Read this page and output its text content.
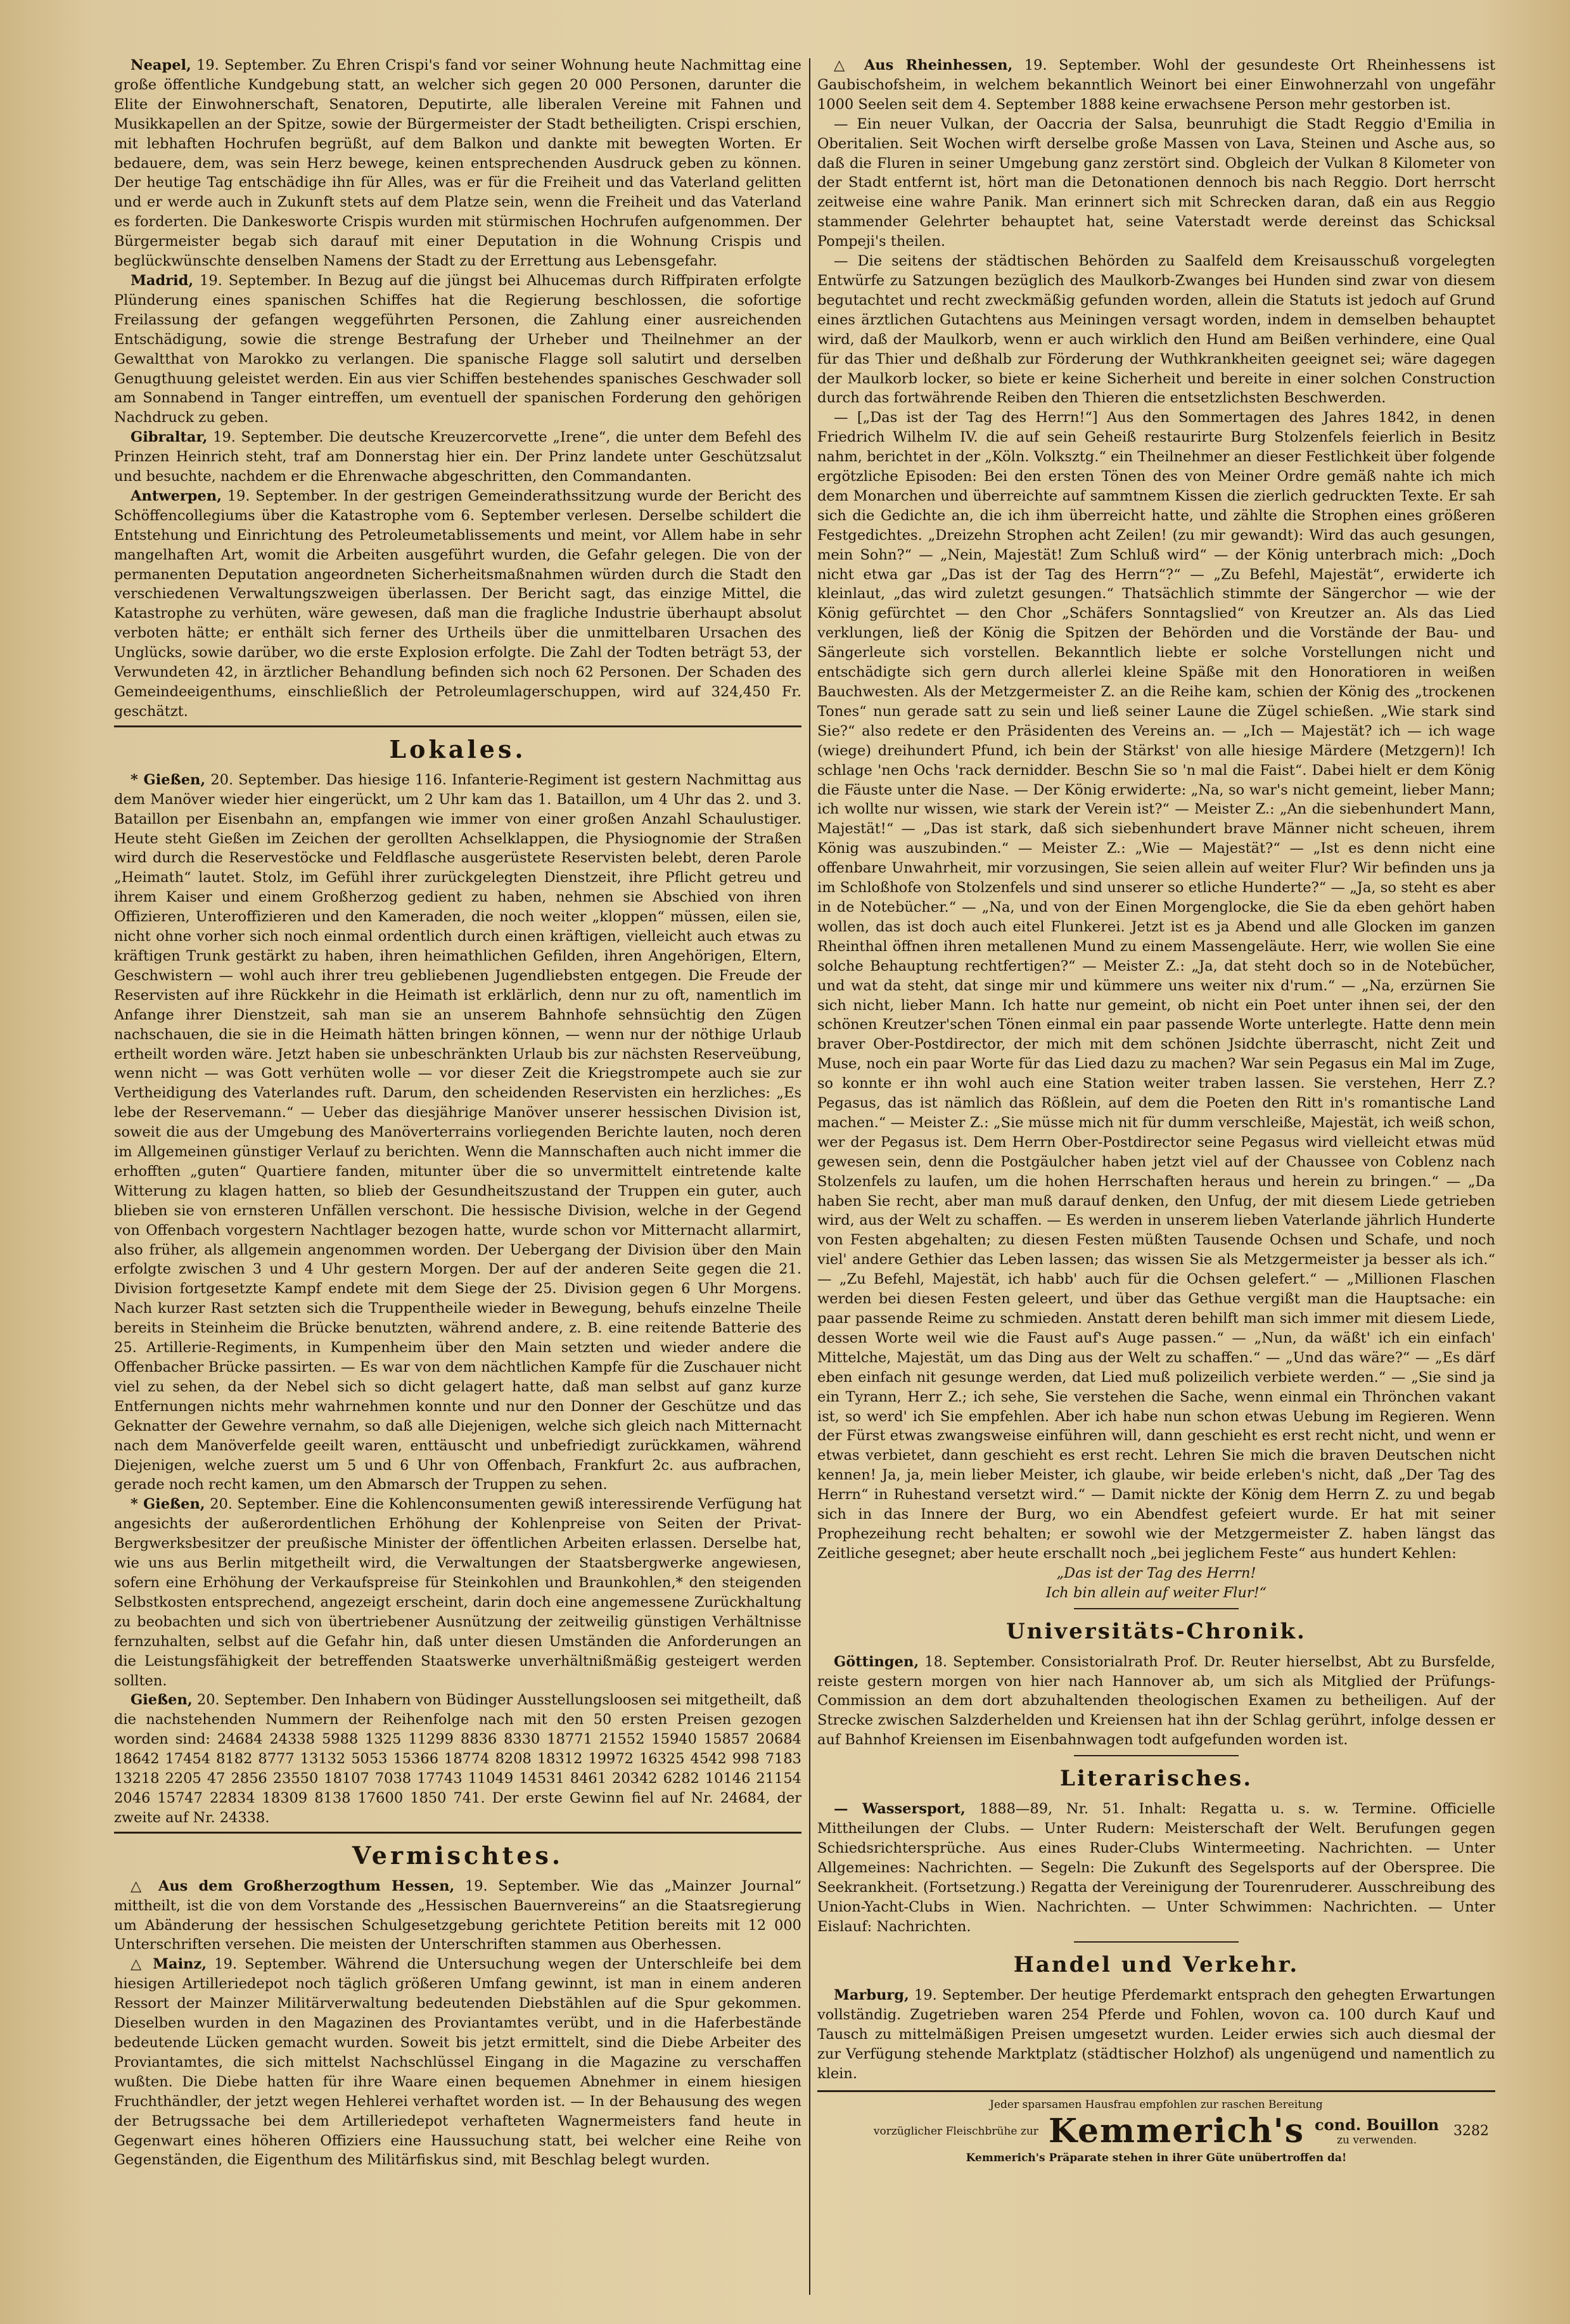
Neapel, 19. September. Zu Ehren Crispi's fand vor seiner Wohnung heute Nachmittag eine große öffentliche Kundgebung statt, an welcher sich gegen 20 000 Personen, darunter die Elite der Einwohnerschaft, Senatoren, Deputirte, alle liberalen Vereine mit Fahnen und Musikkapellen an der Spitze, sowie der Bürgermeister der Stadt betheiligten. Crispi erschien, mit lebhaften Hochrufen begrüßt, auf dem Balkon und dankte mit bewegten Worten. Er bedauere, dem, was sein Herz bewege, keinen entsprechenden Ausdruck geben zu können. Der heutige Tag entschädige ihn für Alles, was er für die Freiheit und das Vaterland gelitten und er werde auch in Zukunft stets auf dem Platze sein, wenn die Freiheit und das Vaterland es forderten. Die Dankesworte Crispis wurden mit stürmischen Hochrufen aufgenommen. Der Bürgermeister begab sich darauf mit einer Deputation in die Wohnung Crispis und beglückwünschte denselben Namens der Stadt zu der Errettung aus Lebensgefahr.

Madrid, 19. September. In Bezug auf die jüngst bei Alhucemas durch Riffpiraten erfolgte Plünderung eines spanischen Schiffes hat die Regierung beschlossen, die sofortige Freilassung der gefangen weggeführten Personen, die Zahlung einer ausreichenden Entschädigung, sowie die strenge Bestrafung der Urheber und Theilnehmer an der Gewaltthat von Marokko zu verlangen. Die spanische Flagge soll salutirt und derselben Genugthuung geleistet werden. Ein aus vier Schiffen bestehendes spanisches Geschwader soll am Sonnabend in Tanger eintreffen, um eventuell der spanischen Forderung den gehörigen Nachdruck zu geben.

Gibraltar, 19. September. Die deutsche Kreuzercorvette „Irene“, die unter dem Befehl des Prinzen Heinrich steht, traf am Donnerstag hier ein. Der Prinz landete unter Geschützsalut und besuchte, nachdem er die Ehrenwache abgeschritten, den Commandanten.

Antwerpen, 19. September. In der gestrigen Gemeinderathssitzung wurde der Bericht des Schöffencollegiums über die Katastrophe vom 6. September verlesen. Derselbe schildert die Entstehung und Einrichtung des Petroleumetablissements und meint, vor Allem habe in sehr mangelhaften Art, womit die Arbeiten ausgeführt wurden, die Gefahr gelegen. Die von der permanenten Deputation angeordneten Sicherheitsmaßnahmen würden durch die Stadt den verschiedenen Verwaltungszweigen überlassen. Der Bericht sagt, das einzige Mittel, die Katastrophe zu verhüten, wäre gewesen, daß man die fragliche Industrie überhaupt absolut verboten hätte; er enthält sich ferner des Urtheils über die unmittelbaren Ursachen des Unglücks, sowie darüber, wo die erste Explosion erfolgte. Die Zahl der Todten beträgt 53, der Verwundeten 42, in ärztlicher Behandlung befinden sich noch 62 Personen. Der Schaden des Gemeindeeigenthums, einschließlich der Petroleumlagerschuppen, wird auf 324,450 Fr. geschätzt.

Lokales.

* Gießen, 20. September. Das hiesige 116. Infanterie-Regiment ist gestern Nachmittag aus dem Manöver wieder hier eingerückt, um 2 Uhr kam das 1. Bataillon, um 4 Uhr das 2. und 3. Bataillon per Eisenbahn an, empfangen wie immer von einer großen Anzahl Schaulustiger. Heute steht Gießen im Zeichen der gerollten Achselklappen, die Physiognomie der Straßen wird durch die Reservestöcke und Feldflasche ausgerüstete Reservisten belebt, deren Parole „Heimath“ lautet. Stolz, im Gefühl ihrer zurückgelegten Dienstzeit, ihre Pflicht getreu und ihrem Kaiser und einem Großherzog gedient zu haben, nehmen sie Abschied von ihren Offizieren, Unteroffizieren und den Kameraden, die noch weiter „kloppen“ müssen, eilen sie, nicht ohne vorher sich noch einmal ordentlich durch einen kräftigen, vielleicht auch etwas zu kräftigen Trunk gestärkt zu haben, ihren heimathlichen Gefilden, ihren Angehörigen, Eltern, Geschwistern — wohl auch ihrer treu gebliebenen Jugendliebsten entgegen. Die Freude der Reservisten auf ihre Rückkehr in die Heimath ist erklärlich, denn nur zu oft, namentlich im Anfange ihrer Dienstzeit, sah man sie an unserem Bahnhofe sehnsüchtig den Zügen nachschauen, die sie in die Heimath hätten bringen können, — wenn nur der nöthige Urlaub ertheilt worden wäre. Jetzt haben sie unbeschränkten Urlaub bis zur nächsten Reserveübung, wenn nicht — was Gott verhüten wolle — vor dieser Zeit die Kriegstrompete auch sie zur Vertheidigung des Vaterlandes ruft. Darum, den scheidenden Reservisten ein herzliches: „Es lebe der Reservemann.“ — Ueber das diesjährige Manöver unserer hessischen Division ist, soweit die aus der Umgebung des Manöverterrains vorliegenden Berichte lauten, noch deren im Allgemeinen günstiger Verlauf zu berichten. Wenn die Mannschaften auch nicht immer die erhofften „guten“ Quartiere fanden, mitunter über die so unvermittelt eintretende kalte Witterung zu klagen hatten, so blieb der Gesundheitszustand der Truppen ein guter, auch blieben sie von ernsteren Unfällen verschont. Die hessische Division, welche in der Gegend von Offenbach vorgestern Nachtlager bezogen hatte, wurde schon vor Mitternacht allarmirt, also früher, als allgemein angenommen worden. Der Uebergang der Division über den Main erfolgte zwischen 3 und 4 Uhr gestern Morgen. Der auf der anderen Seite gegen die 21. Division fortgesetzte Kampf endete mit dem Siege der 25. Division gegen 6 Uhr Morgens. Nach kurzer Rast setzten sich die Truppentheile wieder in Bewegung, behufs einzelne Theile bereits in Steinheim die Brücke benutzten, während andere, z. B. eine reitende Batterie des 25. Artillerie-Regiments, in Kumpenheim über den Main setzten und wieder andere die Offenbacher Brücke passirten. — Es war von dem nächtlichen Kampfe für die Zuschauer nicht viel zu sehen, da der Nebel sich so dicht gelagert hatte, daß man selbst auf ganz kurze Entfernungen nichts mehr wahrnehmen konnte und nur den Donner der Geschütze und das Geknatter der Gewehre vernahm, so daß alle Diejenigen, welche sich gleich nach Mitternacht nach dem Manöverfelde geeilt waren, enttäuscht und unbefriedigt zurückkamen, während Diejenigen, welche zuerst um 5 und 6 Uhr von Offenbach, Frankfurt 2c. aus aufbrachen, gerade noch recht kamen, um den Abmarsch der Truppen zu sehen.

* Gießen, 20. September. Eine die Kohlenconsumenten gewiß interessirende Verfügung hat angesichts der außerordentlichen Erhöhung der Kohlenpreise von Seiten der Privat-Bergwerksbesitzer der preußische Minister der öffentlichen Arbeiten erlassen. Derselbe hat, wie uns aus Berlin mitgetheilt wird, die Verwaltungen der Staatsbergwerke angewiesen, sofern eine Erhöhung der Verkaufspreise für Steinkohlen und Braunkohlen,* den steigenden Selbstkosten entsprechend, angezeigt erscheint, darin doch eine angemessene Zurückhaltung zu beobachten und sich von übertriebener Ausnützung der zeitweilig günstigen Verhältnisse fernzuhalten, selbst auf die Gefahr hin, daß unter diesen Umständen die Anforderungen an die Leistungsfähigkeit der betreffenden Staatswerke unverhältnißmäßig gesteigert werden sollten.

Gießen, 20. September. Den Inhabern von Büdinger Ausstellungsloosen sei mitgetheilt, daß die nachstehenden Nummern der Reihenfolge nach mit den 50 ersten Preisen gezogen worden sind: 24684 24338 5988 1325 11299 8836 8330 18771 21552 15940 15857 20684 18642 17454 8182 8777 13132 5053 15366 18774 8208 18312 19972 16325 4542 998 7183 13218 2205 47 2856 23550 18107 7038 17743 11049 14531 8461 20342 6282 10146 21154 2046 15747 22834 18309 8138 17600 1850 741. Der erste Gewinn fiel auf Nr. 24684, der zweite auf Nr. 24338.

Vermischtes.

△ Aus dem Großherzogthum Hessen, 19. September. Wie das „Mainzer Journal“ mittheilt, ist die von dem Vorstande des „Hessischen Bauernvereins“ an die Staatsregierung um Abänderung der hessischen Schulgesetzgebung gerichtete Petition bereits mit 12 000 Unterschriften versehen. Die meisten der Unterschriften stammen aus Oberhessen.

△ Mainz, 19. September. Während die Untersuchung wegen der Unterschleife bei dem hiesigen Artilleriedepot noch täglich größeren Umfang gewinnt, ist man in einem anderen Ressort der Mainzer Militärverwaltung bedeutenden Diebstählen auf die Spur gekommen. Dieselben wurden in den Magazinen des Proviantamtes verübt, und in die Haferbestände bedeutende Lücken gemacht wurden. Soweit bis jetzt ermittelt, sind die Diebe Arbeiter des Proviantamtes, die sich mittelst Nachschlüssel Eingang in die Magazine zu verschaffen wußten. Die Diebe hatten für ihre Waare einen bequemen Abnehmer in einem hiesigen Fruchthändler, der jetzt wegen Hehlerei verhaftet worden ist. — In der Behausung des wegen der Betrugssache bei dem Artilleriedepot verhafteten Wagnermeisters fand heute in Gegenwart eines höheren Offiziers eine Haussuchung statt, bei welcher eine Reihe von Gegenständen, die Eigenthum des Militärfiskus sind, mit Beschlag belegt wurden.

△ Aus Rheinhessen, 19. September. Wohl der gesundeste Ort Rheinhessens ist Gaubischofsheim, in welchem bekanntlich Weinort bei einer Einwohnerzahl von ungefähr 1000 Seelen seit dem 4. September 1888 keine erwachsene Person mehr gestorben ist.

— Ein neuer Vulkan, der Oaccria der Salsa, beunruhigt die Stadt Reggio d'Emilia in Oberitalien. Seit Wochen wirft derselbe große Massen von Lava, Steinen und Asche aus, so daß die Fluren in seiner Umgebung ganz zerstört sind. Obgleich der Vulkan 8 Kilometer von der Stadt entfernt ist, hört man die Detonationen dennoch bis nach Reggio. Dort herrscht zeitweise eine wahre Panik. Man erinnert sich mit Schrecken daran, daß ein aus Reggio stammender Gelehrter behauptet hat, seine Vaterstadt werde dereinst das Schicksal Pompeji's theilen.

— Die seitens der städtischen Behörden zu Saalfeld dem Kreisausschuß vorgelegten Entwürfe zu Satzungen bezüglich des Maulkorb-Zwanges bei Hunden sind zwar von diesem begutachtet und recht zweckmäßig gefunden worden, allein die Statuts ist jedoch auf Grund eines ärztlichen Gutachtens aus Meiningen versagt worden, indem in demselben behauptet wird, daß der Maulkorb, wenn er auch wirklich den Hund am Beißen verhindere, eine Qual für das Thier und deßhalb zur Förderung der Wuthkrankheiten geeignet sei; wäre dagegen der Maulkorb locker, so biete er keine Sicherheit und bereite in einer solchen Construction durch das fortwährende Reiben den Thieren die entsetzlichsten Beschwerden.

— [„Das ist der Tag des Herrn!“] Aus den Sommertagen des Jahres 1842, in denen Friedrich Wilhelm IV. die auf sein Geheiß restaurirte Burg Stolzenfels feierlich in Besitz nahm, berichtet in der „Köln. Volksztg.“ ein Theilnehmer an dieser Festlichkeit über folgende ergötzliche Episoden: Bei den ersten Tönen des von Meiner Ordre gemäß nahte ich mich dem Monarchen und überreichte auf sammtnem Kissen die zierlich gedruckten Texte. Er sah sich die Gedichte an, die ich ihm überreicht hatte, und zählte die Strophen eines größeren Festgedichtes. „Dreizehn Strophen acht Zeilen! (zu mir gewandt): Wird das auch gesungen, mein Sohn?“ — „Nein, Majestät! Zum Schluß wird“ — der König unterbrach mich: „Doch nicht etwa gar „Das ist der Tag des Herrn“?“ — „Zu Befehl, Majestät“, erwiderte ich kleinlaut, „das wird zuletzt gesungen.“ Thatsächlich stimmte der Sängerchor — wie der König gefürchtet — den Chor „Schäfers Sonntagslied“ von Kreutzer an. Als das Lied verklungen, ließ der König die Spitzen der Behörden und die Vorstände der Bau- und Sängerleute sich vorstellen. Bekanntlich liebte er solche Vorstellungen nicht und entschädigte sich gern durch allerlei kleine Späße mit den Honoratioren in weißen Bauchwesten. Als der Metzgermeister Z. an die Reihe kam, schien der König des „trockenen Tones“ nun gerade satt zu sein und ließ seiner Laune die Zügel schießen. „Wie stark sind Sie?“ also redete er den Präsidenten des Vereins an. — „Ich — Majestät? ich — ich wage (wiege) dreihundert Pfund, ich bein der Stärkst' von alle hiesige Märdere (Metzgern)! Ich schlage 'nen Ochs 'rack dernidder. Beschn Sie so 'n mal die Faist“. Dabei hielt er dem König die Fäuste unter die Nase. — Der König erwiderte: „Na, so war's nicht gemeint, lieber Mann; ich wollte nur wissen, wie stark der Verein ist?“ — Meister Z.: „An die siebenhundert Mann, Majestät!“ — „Das ist stark, daß sich siebenhundert brave Männer nicht scheuen, ihrem König was auszubinden.“ — Meister Z.: „Wie — Majestät?“ — „Ist es denn nicht eine offenbare Unwahrheit, mir vorzusingen, Sie seien allein auf weiter Flur? Wir befinden uns ja im Schloßhofe von Stolzenfels und sind unserer so etliche Hunderte?“ — „Ja, so steht es aber in de Notebücher.“ — „Na, und von der Einen Morgenglocke, die Sie da eben gehört haben wollen, das ist doch auch eitel Flunkerei. Jetzt ist es ja Abend und alle Glocken im ganzen Rheinthal öffnen ihren metallenen Mund zu einem Massengeläute. Herr, wie wollen Sie eine solche Behauptung rechtfertigen?“ — Meister Z.: „Ja, dat steht doch so in de Notebücher, und wat da steht, dat singe mir und kümmere uns weiter nix d'rum.“ — „Na, erzürnen Sie sich nicht, lieber Mann. Ich hatte nur gemeint, ob nicht ein Poet unter ihnen sei, der den schönen Kreutzer'schen Tönen einmal ein paar passende Worte unterlegte. Hatte denn mein braver Ober-Postdirector, der mich mit dem schönen Jsidchte überrascht, nicht Zeit und Muse, noch ein paar Worte für das Lied dazu zu machen? War sein Pegasus ein Mal im Zuge, so konnte er ihn wohl auch eine Station weiter traben lassen. Sie verstehen, Herr Z.? Pegasus, das ist nämlich das Rößlein, auf dem die Poeten den Ritt in's romantische Land machen.“ — Meister Z.: „Sie müsse mich nit für dumm verschleiße, Majestät, ich weiß schon, wer der Pegasus ist. Dem Herrn Ober-Postdirector seine Pegasus wird vielleicht etwas müd gewesen sein, denn die Postgäulcher haben jetzt viel auf der Chaussee von Coblenz nach Stolzenfels zu laufen, um die hohen Herrschaften heraus und herein zu bringen.“ — „Da haben Sie recht, aber man muß darauf denken, den Unfug, der mit diesem Liede getrieben wird, aus der Welt zu schaffen. — Es werden in unserem lieben Vaterlande jährlich Hunderte von Festen abgehalten; zu diesen Festen müßten Tausende Ochsen und Schafe, und noch viel' andere Gethier das Leben lassen; das wissen Sie als Metzgermeister ja besser als ich.“ — „Zu Befehl, Majestät, ich habb' auch für die Ochsen gelefert.“ — „Millionen Flaschen werden bei diesen Festen geleert, und über das Gethue vergißt man die Hauptsache: ein paar passende Reime zu schmieden. Anstatt deren behilft man sich immer mit diesem Liede, dessen Worte weil wie die Faust auf's Auge passen.“ — „Nun, da wäßt' ich ein einfach' Mittelche, Majestät, um das Ding aus der Welt zu schaffen.“ — „Und das wäre?“ — „Es därf eben einfach nit gesunge werden, dat Lied muß polizeilich verbiete werden.“ — „Sie sind ja ein Tyrann, Herr Z.; ich sehe, Sie verstehen die Sache, wenn einmal ein Thrönchen vakant ist, so werd' ich Sie empfehlen. Aber ich habe nun schon etwas Uebung im Regieren. Wenn der Fürst etwas zwangsweise einführen will, dann geschieht es erst recht nicht, und wenn er etwas verbietet, dann geschieht es erst recht. Lehren Sie mich die braven Deutschen nicht kennen! Ja, ja, mein lieber Meister, ich glaube, wir beide erleben's nicht, daß „Der Tag des Herrn“ in Ruhestand versetzt wird.“ — Damit nickte der König dem Herrn Z. zu und begab sich in das Innere der Burg, wo ein Abendfest gefeiert wurde. Er hat mit seiner Prophezeihung recht behalten; er sowohl wie der Metzgermeister Z. haben längst das Zeitliche gesegnet; aber heute erschallt noch „bei jeglichem Feste“ aus hundert Kehlen:

„Das ist der Tag des Herrn!

Ich bin allein auf weiter Flur!“

Universitäts-Chronik.

Göttingen, 18. September. Consistorialrath Prof. Dr. Reuter hierselbst, Abt zu Bursfelde, reiste gestern morgen von hier nach Hannover ab, um sich als Mitglied der Prüfungs-Commission an dem dort abzuhaltenden theologischen Examen zu betheiligen. Auf der Strecke zwischen Salzderhelden und Kreiensen hat ihn der Schlag gerührt, infolge dessen er auf Bahnhof Kreiensen im Eisenbahnwagen todt aufgefunden worden ist.

Literarisches.

— Wassersport, 1888—89, Nr. 51. Inhalt: Regatta u. s. w. Termine. Officielle Mittheilungen der Clubs. — Unter Rudern: Meisterschaft der Welt. Berufungen gegen Schiedsrichtersprüche. Aus eines Ruder-Clubs Wintermeeting. Nachrichten. — Unter Allgemeines: Nachrichten. — Segeln: Die Zukunft des Segelsports auf der Oberspree. Die Seekrankheit. (Fortsetzung.) Regatta der Vereinigung der Tourenruderer. Ausschreibung des Union-Yacht-Clubs in Wien. Nachrichten. — Unter Schwimmen: Nachrichten. — Unter Eislauf: Nachrichten.

Handel und Verkehr.

Marburg, 19. September. Der heutige Pferdemarkt entsprach den gehegten Erwartungen vollständig. Zugetrieben waren 254 Pferde und Fohlen, wovon ca. 100 durch Kauf und Tausch zu mittelmäßigen Preisen umgesetzt wurden. Leider erwies sich auch diesmal der zur Verfügung stehende Marktplatz (städtischer Holzhof) als ungenügend und namentlich zu klein.

Jeder sparsamen Hausfrau empfohlen zur raschen Bereitung
vorzüglicher Fleischbrühe zur Kemmerich's cond. Bouillon
zu verwenden.
Kemmerich's Präparate stehen in ihrer Güte unübertroffen da!
3282
